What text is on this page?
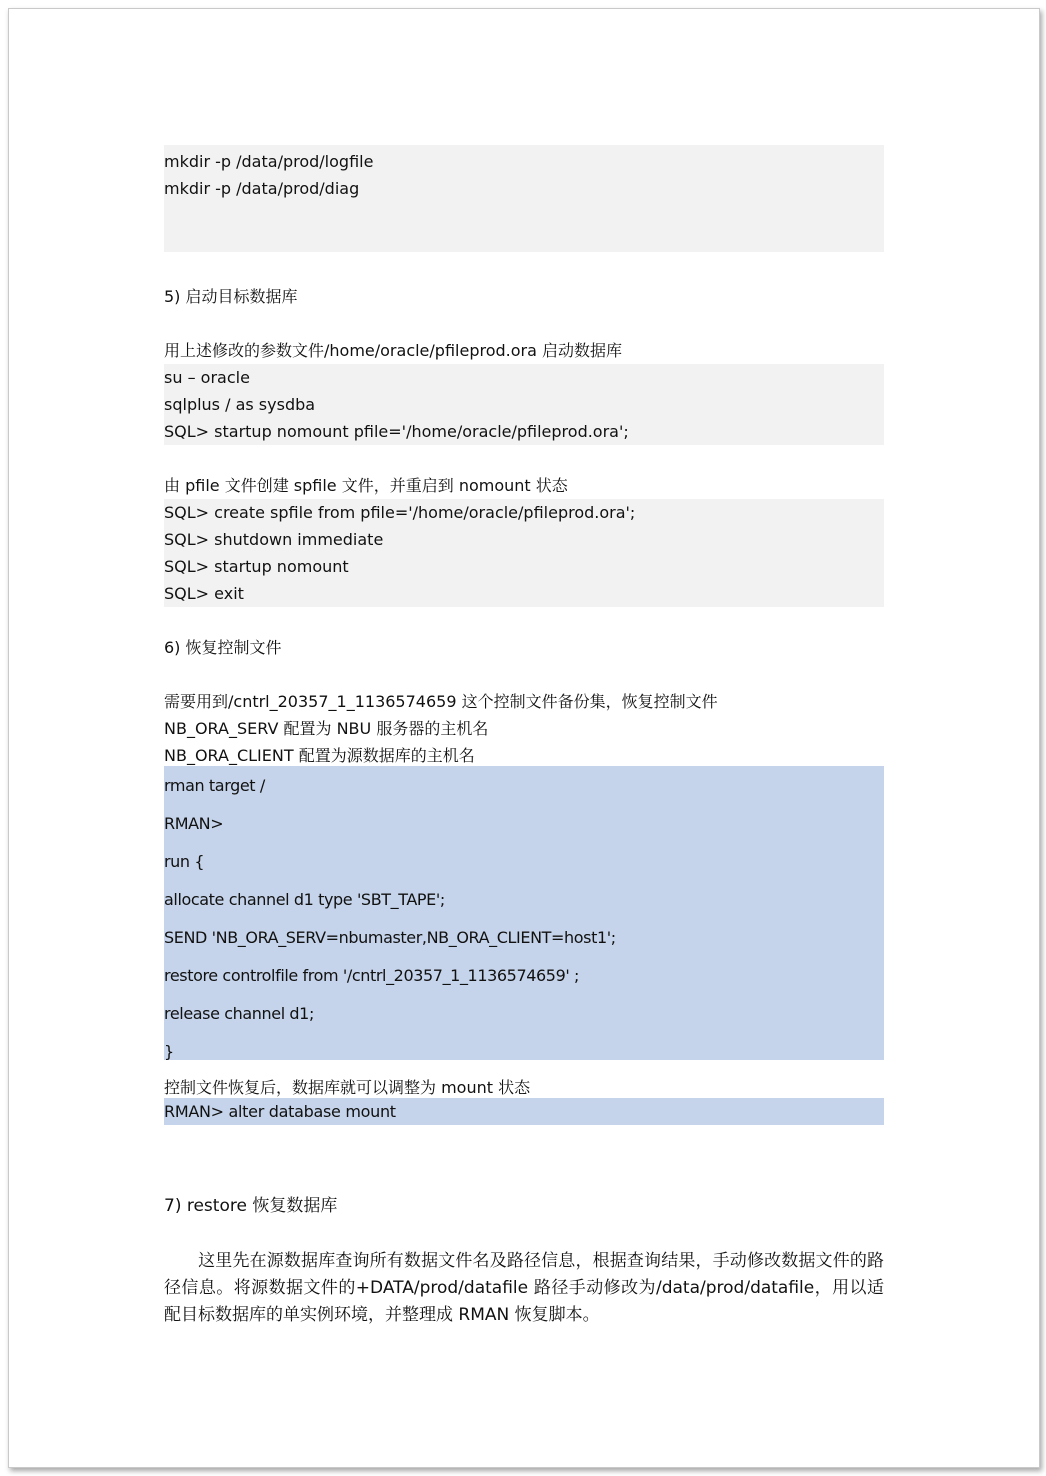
mkdir -p /data/prod/logfile
mkdir -p /data/prod/diag
5) 启动目标数据库
用上述修改的参数文件/home/oracle/pfileprod.ora 启动数据库
su – oracle
sqlplus / as sysdba
SQL> startup nomount pfile='/home/oracle/pfileprod.ora';
由 pfile 文件创建 spfile 文件，并重启到 nomount 状态
SQL> create spfile from pfile='/home/oracle/pfileprod.ora';
SQL> shutdown immediate
SQL> startup nomount
SQL> exit
6) 恢复控制文件
需要用到/cntrl_20357_1_1136574659 这个控制文件备份集，恢复控制文件
NB_ORA_SERV 配置为 NBU 服务器的主机名
NB_ORA_CLIENT 配置为源数据库的主机名
rman target /
RMAN>
run {
allocate channel d1 type 'SBT_TAPE';
SEND 'NB_ORA_SERV=nbumaster,NB_ORA_CLIENT=host1';
restore controlfile from '/cntrl_20357_1_1136574659' ;
release channel d1;
}
控制文件恢复后，数据库就可以调整为 mount 状态
RMAN> alter database mount
7) restore 恢复数据库
这里先在源数据库查询所有数据文件名及路径信息，根据查询结果，手动修改数据文件的路径信息。将源数据文件的+DATA/prod/datafile 路径手动修改为/data/prod/datafile，用以适配目标数据库的单实例环境，并整理成 RMAN 恢复脚本。
